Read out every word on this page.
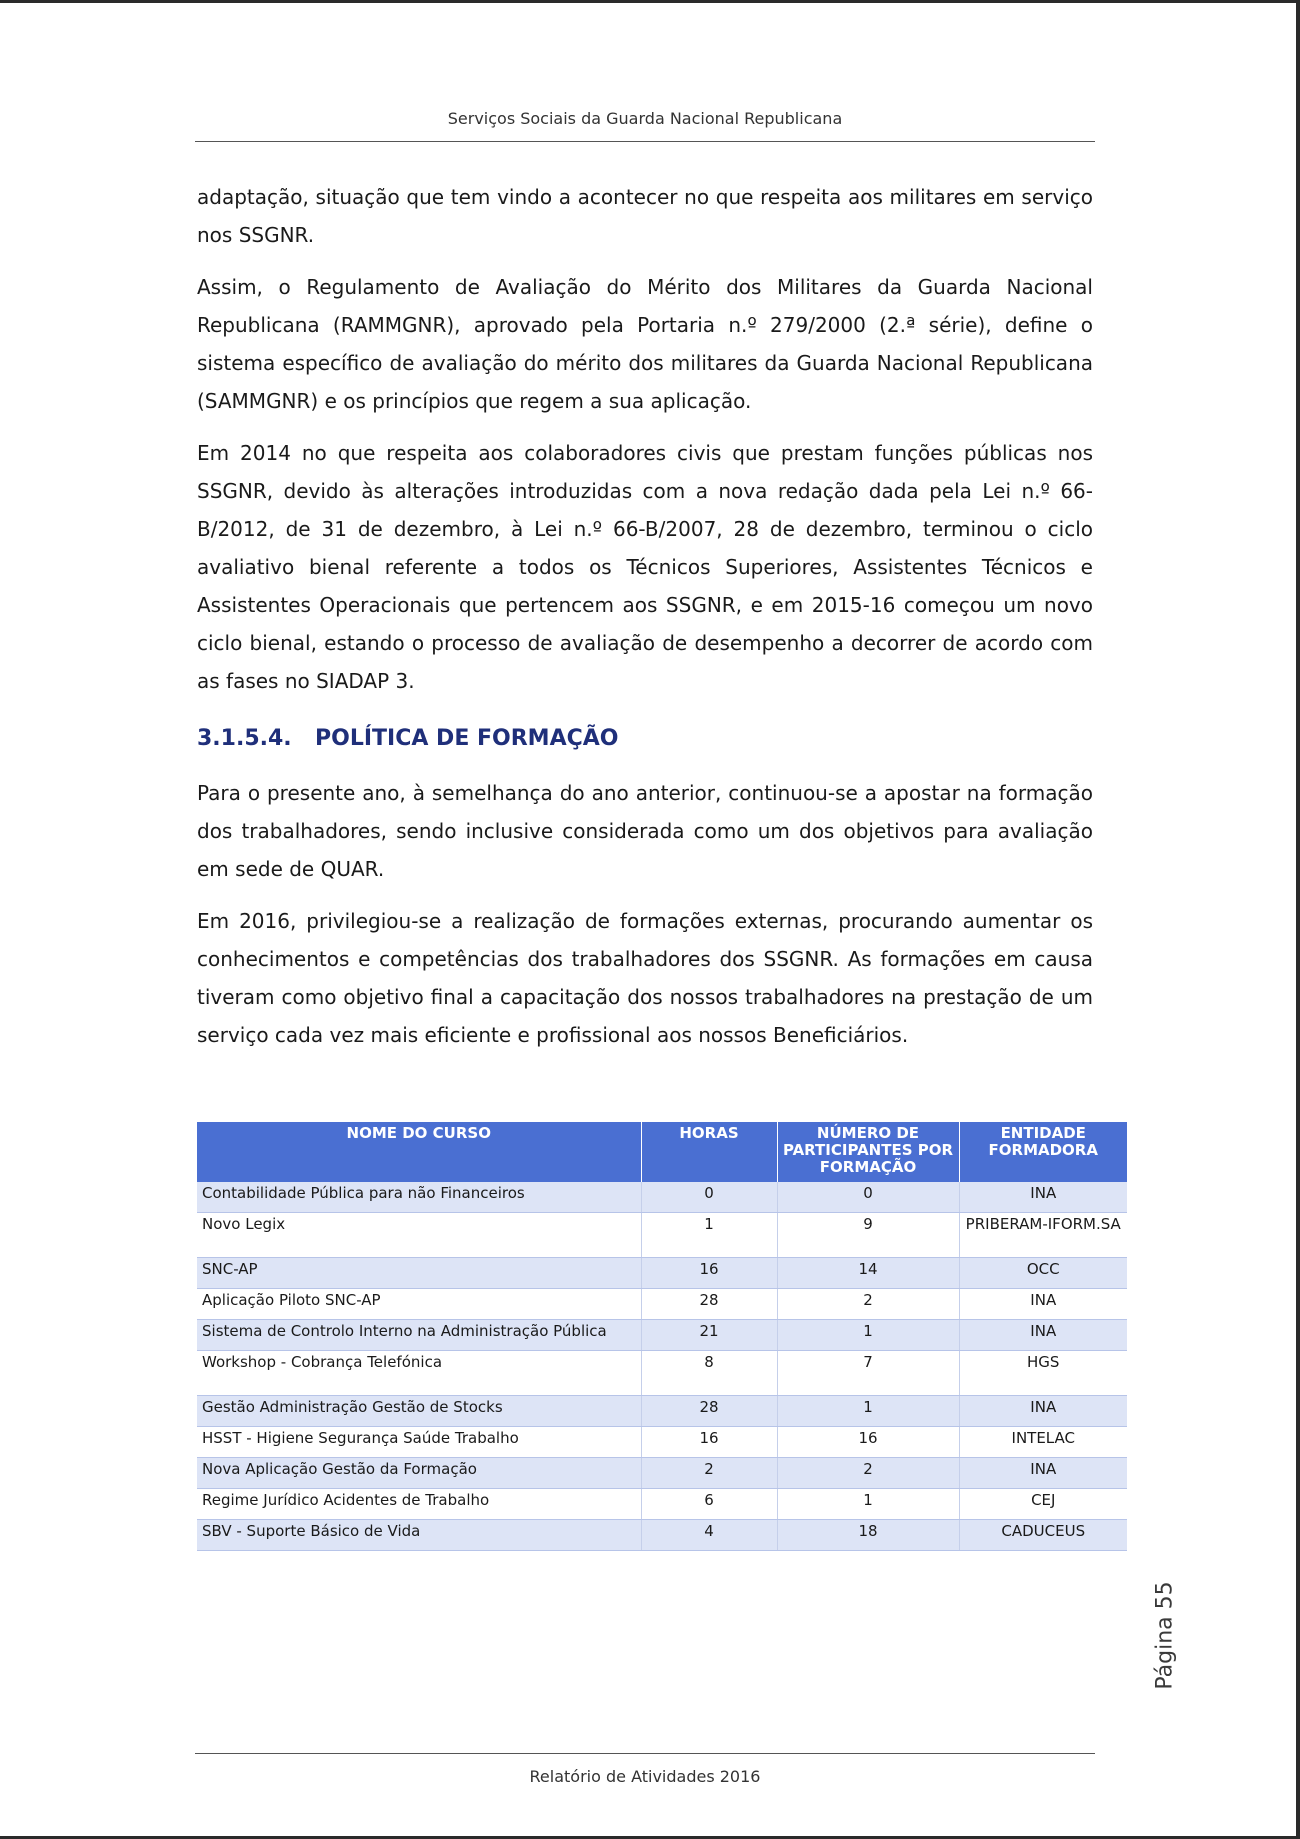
Serviços Sociais da Guarda Nacional Republicana

adaptação, situação que tem vindo a acontecer no que respeita aos militares em serviço nos SSGNR.

Assim, o Regulamento de Avaliação do Mérito dos Militares da Guarda Nacional Republicana (RAMMGNR), aprovado pela Portaria n.º 279/2000 (2.ª série), define o sistema específico de avaliação do mérito dos militares da Guarda Nacional Republicana (SAMMGNR) e os princípios que regem a sua aplicação.

Em 2014 no que respeita aos colaboradores civis que prestam funções públicas nos SSGNR, devido às alterações introduzidas com a nova redação dada pela Lei n.º 66-B/2012, de 31 de dezembro, à Lei n.º 66-B/2007, 28 de dezembro, terminou o ciclo avaliativo bienal referente a todos os Técnicos Superiores, Assistentes Técnicos e Assistentes Operacionais que pertencem aos SSGNR, e em 2015-16 começou um novo ciclo bienal, estando o processo de avaliação de desempenho a decorrer de acordo com as fases no SIADAP 3.

3.1.5.4. POLÍTICA DE FORMAÇÃO

Para o presente ano, à semelhança do ano anterior, continuou-se a apostar na formação dos trabalhadores, sendo inclusive considerada como um dos objetivos para avaliação em sede de QUAR.

Em 2016, privilegiou-se a realização de formações externas, procurando aumentar os conhecimentos e competências dos trabalhadores dos SSGNR. As formações em causa tiveram como objetivo final a capacitação dos nossos trabalhadores na prestação de um serviço cada vez mais eficiente e profissional aos nossos Beneficiários.

NOME DO CURSO	HORAS	NÚMERO DE PARTICIPANTES POR FORMAÇÃO	ENTIDADE FORMADORA
Contabilidade Pública para não Financeiros	0	0	INA
Novo Legix	1	9	PRIBERAM-IFORM.SA
SNC-AP	16	14	OCC
Aplicação Piloto SNC-AP	28	2	INA
Sistema de Controlo Interno na Administração Pública	21	1	INA
Workshop - Cobrança Telefónica	8	7	HGS
Gestão Administração Gestão de Stocks	28	1	INA
HSST - Higiene Segurança Saúde Trabalho	16	16	INTELAC
Nova Aplicação Gestão da Formação	2	2	INA
Regime Jurídico Acidentes de Trabalho	6	1	CEJ
SBV - Suporte Básico de Vida	4	18	CADUCEUS
Página 55
Relatório de Atividades 2016
